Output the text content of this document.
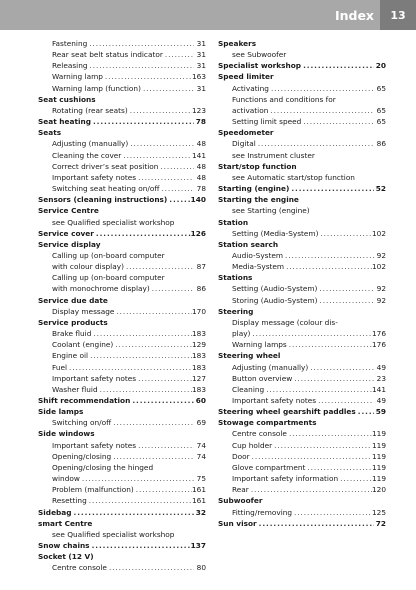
Index	13
Fastening .....	31
Rear seat belt status indicator .....	31
Releasing .....	31
Warning lamp .....	163
Warning lamp (function) .....	31
Seat cushions
Rotating (rear seats) .....	123
Seat heating .....	78
Seats
Adjusting (manually) .....	48
Cleaning the cover .....	141
Correct driver’s seat position .....	48
Important safety notes .....	48
Switching seat heating on/off .....	78
Sensors (cleaning instructions) .....	140
Service Centre
see Qualified specialist workshop
Service cover .....	126
Service display
Calling up (on-board computer
with colour display) .....	87
Calling up (on-board computer
with monochrome display) .....	86
Service due date
Display message .....	170
Service products
Brake fluid .....	183
Coolant (engine) .....	129
Engine oil .....	183
Fuel .....	183
Important safety notes .....	127
Washer fluid .....	183
Shift recommendation .....	60
Side lamps
Switching on/off .....	69
Side windows
Important safety notes .....	74
Opening/closing .....	74
Opening/closing the hinged
window .....	75
Problem (malfunction) .....	161
Resetting .....	161
Sidebag .....	32
smart Centre
see Qualified specialist workshop
Snow chains .....	137
Socket (12 V)
Centre console .....	80
Speakers
see Subwoofer
Specialist workshop .....	20
Speed limiter
Activating .....	65
Functions and conditions for
activation .....	65
Setting limit speed .....	65
Speedometer
Digital .....	86
see Instrument cluster
Start/stop function
see Automatic start/stop function
Starting (engine) .....	52
Starting the engine
see Starting (engine)
Station
Setting (Media-System) .....	102
Station search
Audio-System .....	92
Media-System .....	102
Stations
Setting (Audio-System) .....	92
Storing (Audio-System) .....	92
Steering
Display message (colour dis-
play) .....	176
Warning lamps .....	176
Steering wheel
Adjusting (manually) .....	49
Button overview .....	23
Cleaning .....	141
Important safety notes .....	49
Steering wheel gearshift paddles .....	59
Stowage compartments
Centre console .....	119
Cup holder .....	119
Door .....	119
Glove compartment .....	119
Important safety information .....	119
Rear .....	120
Subwoofer
Fitting/removing .....	125
Sun visor .....	72
